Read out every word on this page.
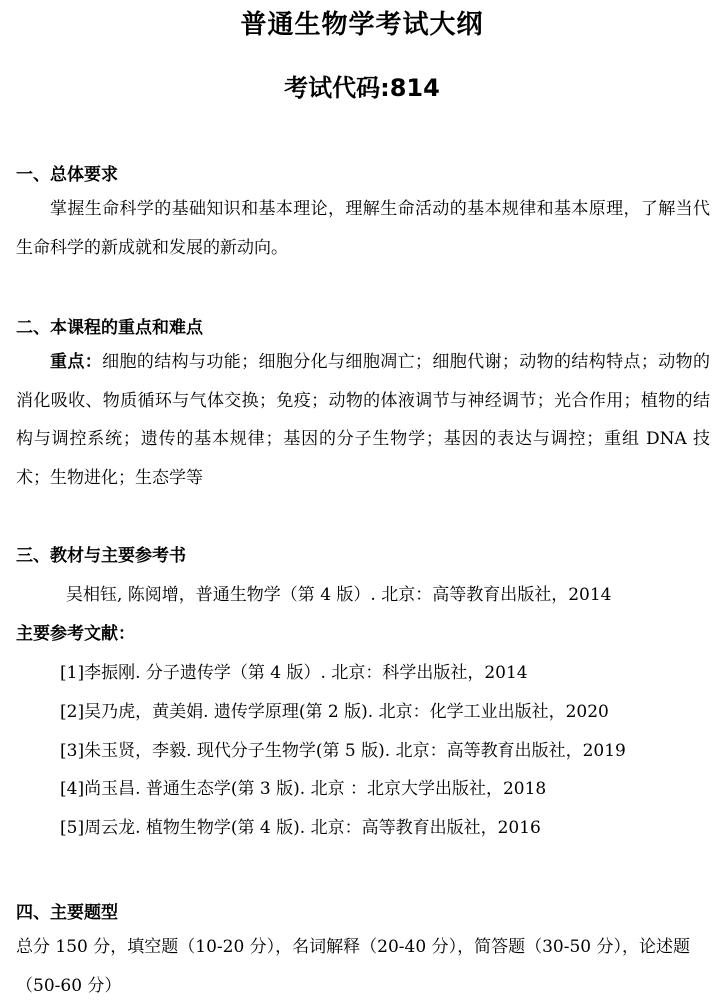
普通生物学考试大纲
考试代码:814
一、总体要求
掌握生命科学的基础知识和基本理论，理解生命活动的基本规律和基本原理，了解当代生命科学的新成就和发展的新动向。
二、本课程的重点和难点
重点：细胞的结构与功能；细胞分化与细胞凋亡；细胞代谢；动物的结构特点；动物的消化吸收、物质循环与气体交换；免疫；动物的体液调节与神经调节；光合作用；植物的结构与调控系统；遗传的基本规律；基因的分子生物学；基因的表达与调控；重组 DNA 技术；生物进化；生态学等
三、教材与主要参考书
吴相钰, 陈阅增，普通生物学（第 4 版）. 北京：高等教育出版社，2014
主要参考文献：
[1]李振刚. 分子遗传学（第 4 版）. 北京：科学出版社，2014
[2]吴乃虎，黄美娟. 遗传学原理(第 2 版). 北京：化学工业出版社，2020
[3]朱玉贤，李毅. 现代分子生物学(第 5 版). 北京：高等教育出版社，2019
[4]尚玉昌. 普通生态学(第 3 版). 北京 ：北京大学出版社，2018
[5]周云龙. 植物生物学(第 4 版). 北京：高等教育出版社，2016
四、主要题型
总分 150 分，填空题（10-20 分），名词解释（20-40 分），简答题（30-50 分），论述题（50-60 分）
